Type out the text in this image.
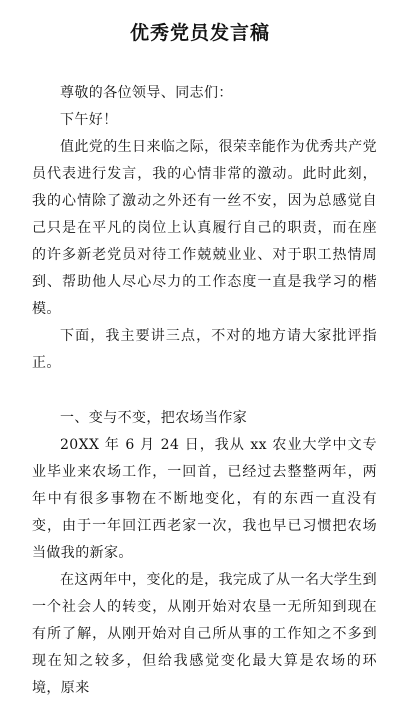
优秀党员发言稿

尊敬的各位领导、同志们：

下午好！

值此党的生日来临之际，很荣幸能作为优秀共产党员代表进行发言，我的心情非常的激动。此时此刻，我的心情除了激动之外还有一丝不安，因为总感觉自己只是在平凡的岗位上认真履行自己的职责，而在座的许多新老党员对待工作兢兢业业、对于职工热情周到、帮助他人尽心尽力的工作态度一直是我学习的楷模。

下面，我主要讲三点，不对的地方请大家批评指正。

一、变与不变，把农场当作家

20XX 年 6 月 24 日，我从 xx 农业大学中文专业毕业来农场工作，一回首，已经过去整整两年，两年中有很多事物在不断地变化，有的东西一直没有变，由于一年回江西老家一次，我也早已习惯把农场当做我的新家。

在这两年中，变化的是，我完成了从一名大学生到一个社会人的转变，从刚开始对农垦一无所知到现在有所了解，从刚开始对自己所从事的工作知之不多到现在知之较多，但给我感觉变化最大算是农场的环境，原来
